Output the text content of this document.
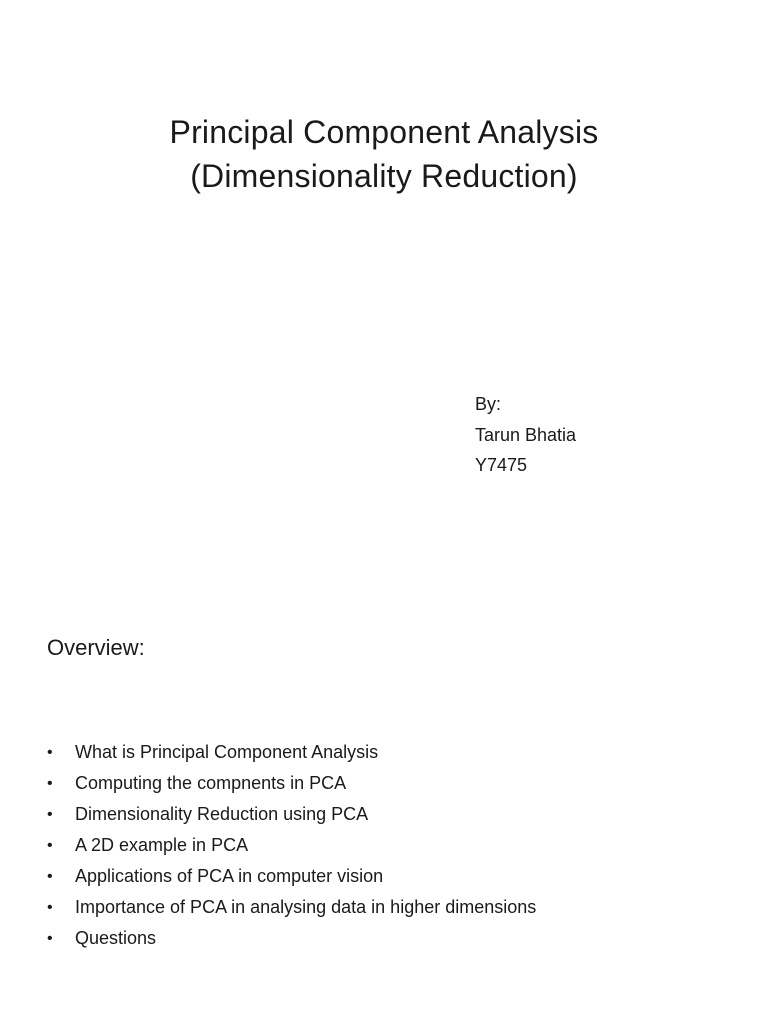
Principal Component Analysis
(Dimensionality Reduction)
By:
Tarun Bhatia
Y7475
Overview:
• What is Principal Component Analysis
• Computing the compnents in PCA
• Dimensionality Reduction using PCA
• A 2D example in PCA
• Applications of PCA in computer vision
• Importance of PCA in analysing data in higher dimensions
• Questions
